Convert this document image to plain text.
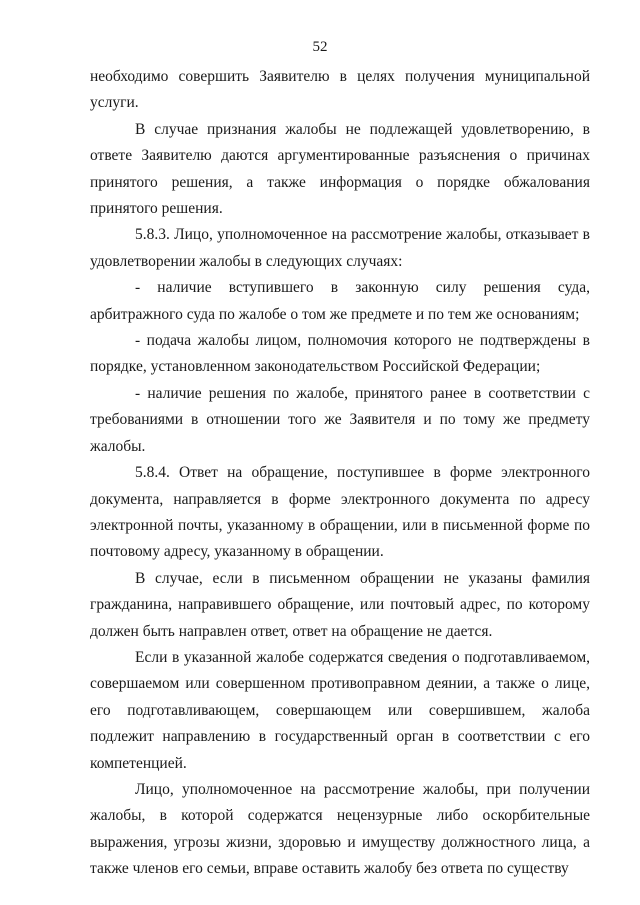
52

необходимо совершить Заявителю в целях получения муниципальной услуги.

В случае признания жалобы не подлежащей удовлетворению, в ответе Заявителю даются аргументированные разъяснения о причинах принятого решения, а также информация о порядке обжалования принятого решения.

5.8.3. Лицо, уполномоченное на рассмотрение жалобы, отказывает в удовлетворении жалобы в следующих случаях:

- наличие вступившего в законную силу решения суда, арбитражного суда по жалобе о том же предмете и по тем же основаниям;

- подача жалобы лицом, полномочия которого не подтверждены в порядке, установленном законодательством Российской Федерации;

- наличие решения по жалобе, принятого ранее в соответствии с требованиями в отношении того же Заявителя и по тому же предмету жалобы.

5.8.4. Ответ на обращение, поступившее в форме электронного документа, направляется в форме электронного документа по адресу электронной почты, указанному в обращении, или в письменной форме по почтовому адресу, указанному в обращении.

В случае, если в письменном обращении не указаны фамилия гражданина, направившего обращение, или почтовый адрес, по которому должен быть направлен ответ, ответ на обращение не дается.

Если в указанной жалобе содержатся сведения о подготавливаемом, совершаемом или совершенном противоправном деянии, а также о лице, его подготавливающем, совершающем или совершившем, жалоба подлежит направлению в государственный орган в соответствии с его компетенцией.

Лицо, уполномоченное на рассмотрение жалобы, при получении жалобы, в которой содержатся нецензурные либо оскорбительные выражения, угрозы жизни, здоровью и имуществу должностного лица, а также членов его семьи, вправе оставить жалобу без ответа по существу
